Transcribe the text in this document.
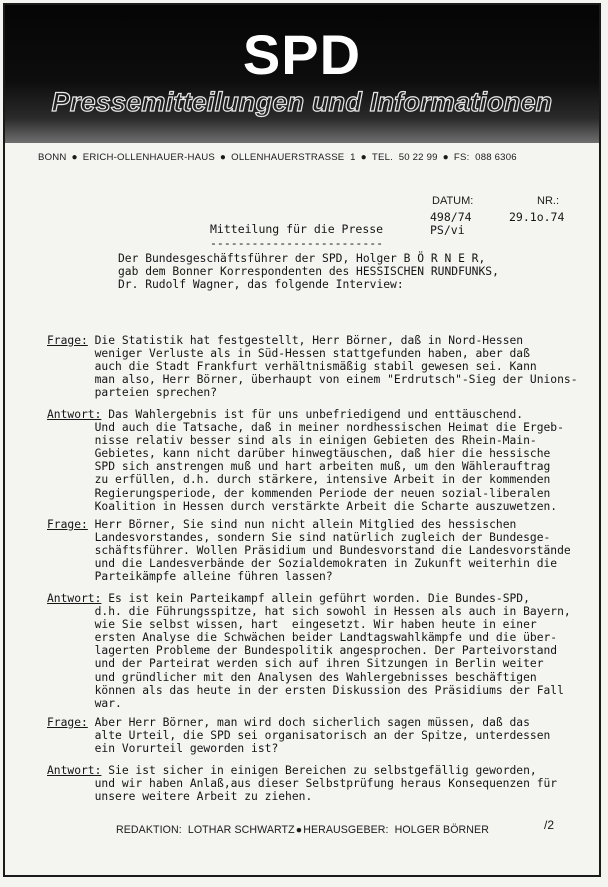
SPD
Pressemitteilungen und Informationen
BONN ● ERICH-OLLENHAUER-HAUS ● OLLENHAUERSTRASSE  1 ● TEL.  50 22 99 ● FS:  088 6306
DATUM:	NR.:
498/74	29.1o.74
PS/vi
Mitteilung für die Presse
-------------------------
Der Bundesgeschäftsführer der SPD, Holger B Ö R N E R,
gab dem Bonner Korrespondenten des HESSISCHEN RUNDFUNKS,
Dr. Rudolf Wagner, das folgende Interview:
Frage: Die Statistik hat festgestellt, Herr Börner, daß in Nord-Hessen
weniger Verluste als in Süd-Hessen stattgefunden haben, aber daß
auch die Stadt Frankfurt verhältnismäßig stabil gewesen sei. Kann
man also, Herr Börner, überhaupt von einem "Erdrutsch"-Sieg der Unions-
parteien sprechen?
Antwort: Das Wahlergebnis ist für uns unbefriedigend und enttäuschend.
Und auch die Tatsache, daß in meiner nordhessischen Heimat die Ergeb-
nisse relativ besser sind als in einigen Gebieten des Rhein-Main-
Gebietes, kann nicht darüber hinwegtäuschen, daß hier die hessische
SPD sich anstrengen muß und hart arbeiten muß, um den Wählerauftrag
zu erfüllen, d.h. durch stärkere, intensive Arbeit in der kommenden
Regierungsperiode, der kommenden Periode der neuen sozial-liberalen
Koalition in Hessen durch verstärkte Arbeit die Scharte auszuwetzen.
Frage: Herr Börner, Sie sind nun nicht allein Mitglied des hessischen
Landesvorstandes, sondern Sie sind natürlich zugleich der Bundesge-
schäftsführer. Wollen Präsidium und Bundesvorstand die Landesvorstände
und die Landesverbände der Sozialdemokraten in Zukunft weiterhin die
Parteikämpfe alleine führen lassen?
Antwort: Es ist kein Parteikampf allein geführt worden. Die Bundes-SPD,
d.h. die Führungsspitze, hat sich sowohl in Hessen als auch in Bayern,
wie Sie selbst wissen, hart  eingesetzt. Wir haben heute in einer
ersten Analyse die Schwächen beider Landtagswahlkämpfe und die über-
lagerten Probleme der Bundespolitik angesprochen. Der Parteivorstand
und der Parteirat werden sich auf ihren Sitzungen in Berlin weiter
und gründlicher mit den Analysen des Wahlergebnisses beschäftigen
können als das heute in der ersten Diskussion des Präsidiums der Fall
war.
Frage: Aber Herr Börner, man wird doch sicherlich sagen müssen, daß das
alte Urteil, die SPD sei organisatorisch an der Spitze, unterdessen
ein Vorurteil geworden ist?
Antwort: Sie ist sicher in einigen Bereichen zu selbstgefällig geworden,
und wir haben Anlaß,aus dieser Selbstprüfung heraus Konsequenzen für
unsere weitere Arbeit zu ziehen.
REDAKTION:  LOTHAR SCHWARTZ●HERAUSGEBER:  HOLGER BÖRNER	/2
